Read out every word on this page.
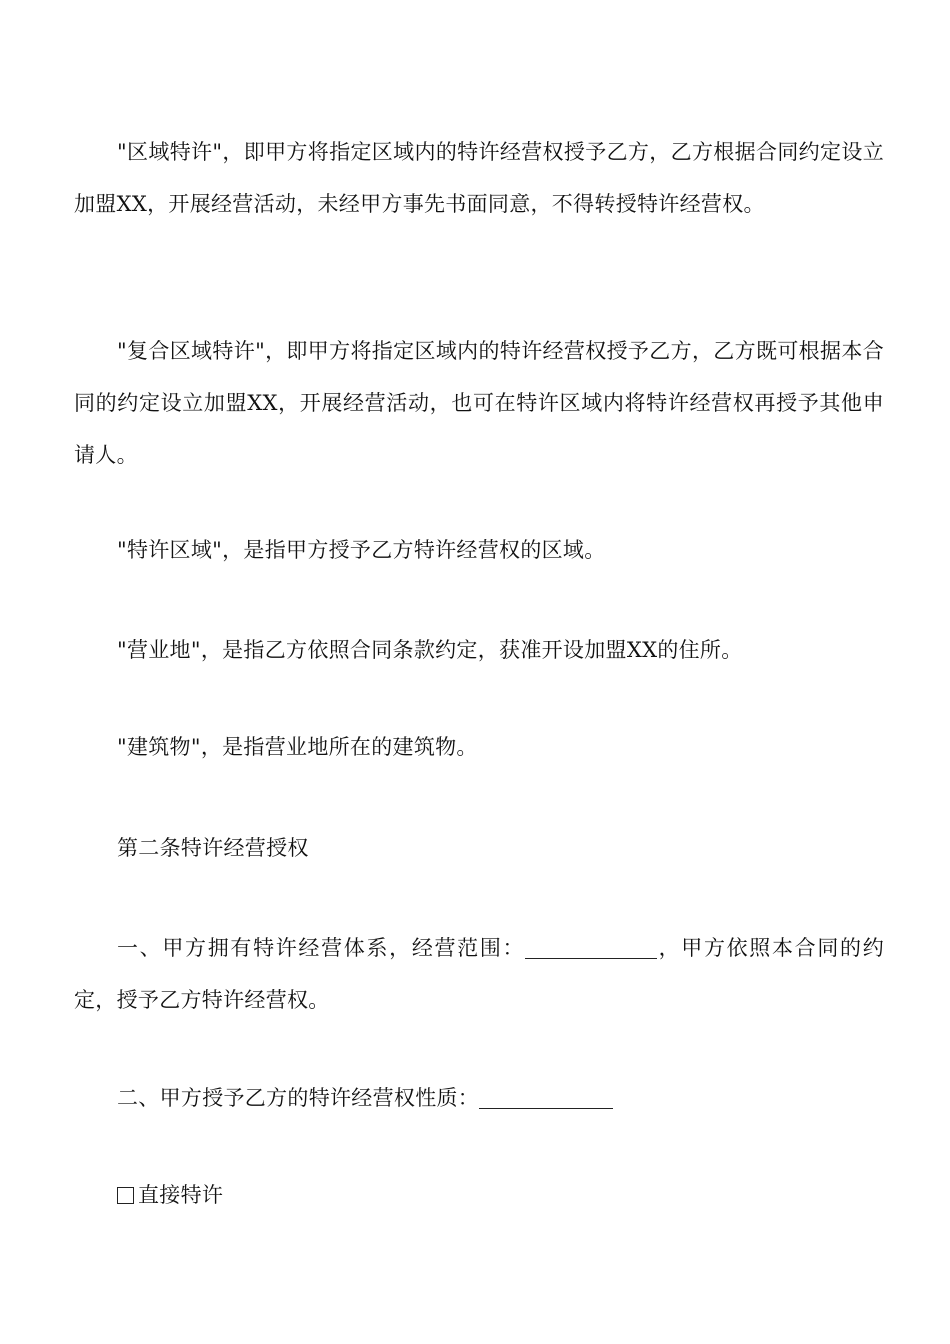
"区域特许"，即甲方将指定区域内的特许经营权授予乙方，乙方根据合同约定设立加盟XX，开展经营活动，未经甲方事先书面同意，不得转授特许经营权。

"复合区域特许"，即甲方将指定区域内的特许经营权授予乙方，乙方既可根据本合同的约定设立加盟XX，开展经营活动，也可在特许区域内将特许经营权再授予其他申请人。

"特许区域"，是指甲方授予乙方特许经营权的区域。

"营业地"，是指乙方依照合同条款约定，获准开设加盟XX的住所。

"建筑物"，是指营业地所在的建筑物。

第二条特许经营授权

一、甲方拥有特许经营体系，经营范围：	，甲方依照本合同的约定，授予乙方特许经营权。

二、甲方授予乙方的特许经营权性质：

直接特许
